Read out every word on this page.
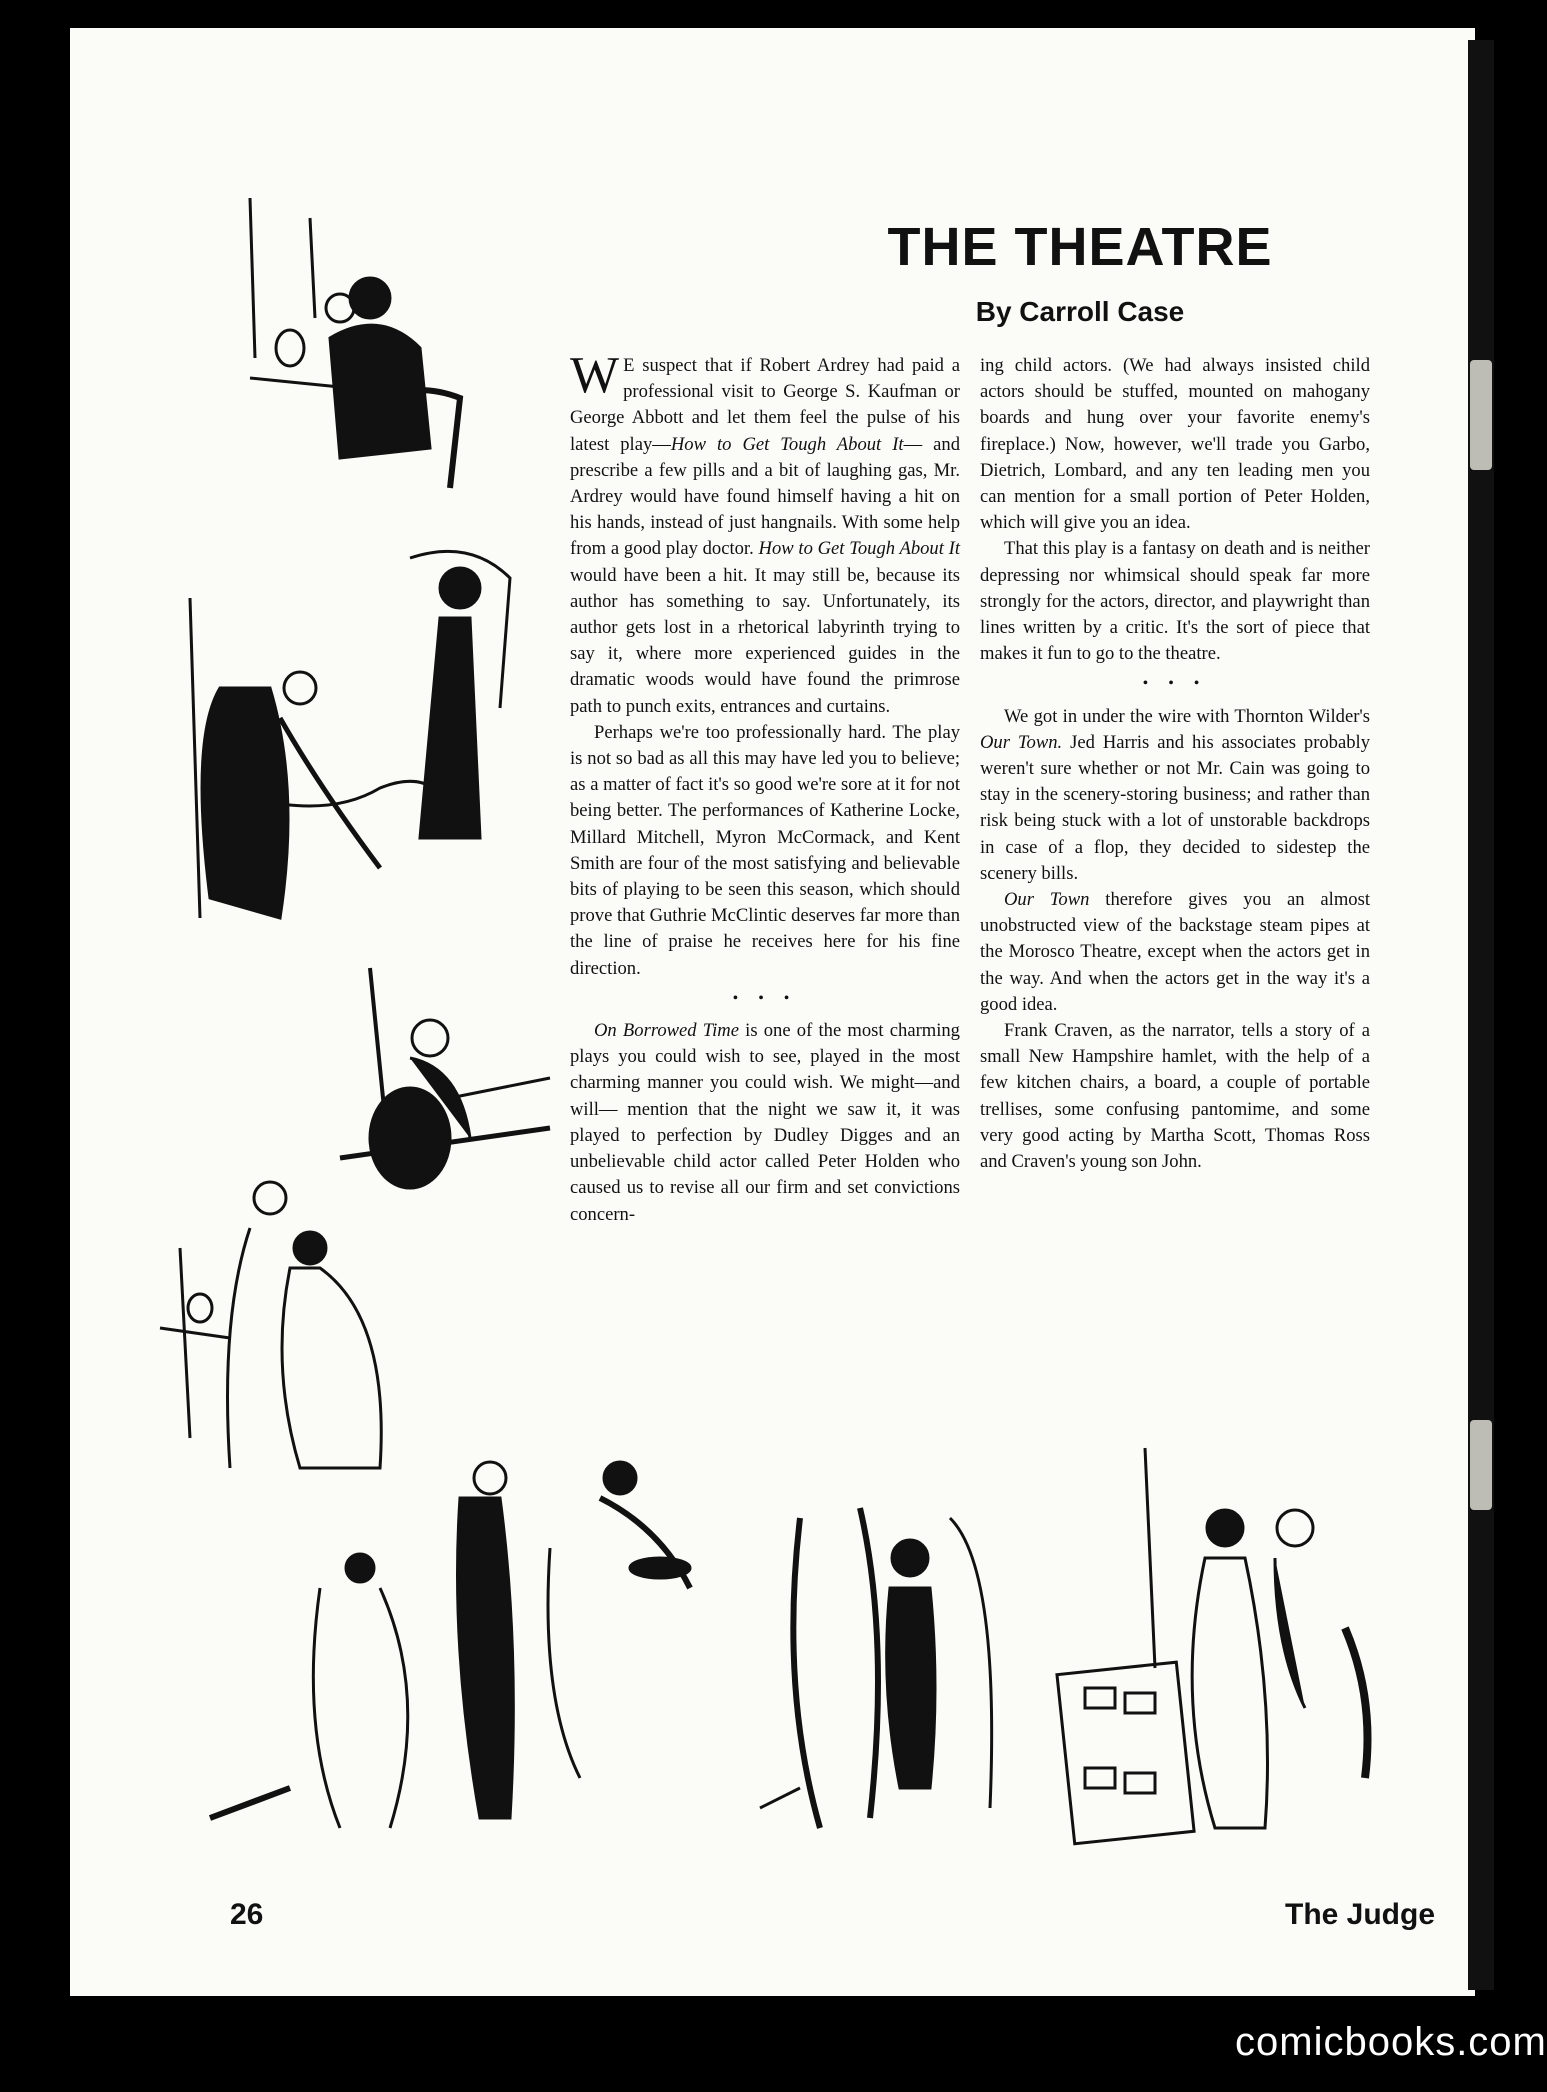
THE THEATRE
By Carroll Case

W E suspect that if Robert Ardrey had paid a professional visit to George S. Kaufman or George Abbott and let them feel the pulse of his latest play—How to Get Tough About It— and prescribe a few pills and a bit of laughing gas, Mr. Ardrey would have found himself having a hit on his hands, instead of just hangnails. With some help from a good play doctor. How to Get Tough About It would have been a hit. It may still be, because its author has something to say. Unfortunately, its author gets lost in a rhetorical labyrinth trying to say it, where more experienced guides in the dramatic woods would have found the primrose path to punch exits, entrances and curtains.

Perhaps we're too professionally hard. The play is not so bad as all this may have led you to believe; as a matter of fact it's so good we're sore at it for not being better. The performances of Katherine Locke, Millard Mitchell, Myron McCormack, and Kent Smith are four of the most satisfying and believable bits of playing to be seen this season, which should prove that Guthrie McClintic deserves far more than the line of praise he receives here for his fine direction.

• • •

On Borrowed Time is one of the most charming plays you could wish to see, played in the most charming manner you could wish. We might—and will— mention that the night we saw it, it was played to perfection by Dudley Digges and an unbelievable child actor called Peter Holden who caused us to revise all our firm and set convictions concern-

ing child actors. (We had always insisted child actors should be stuffed, mounted on mahogany boards and hung over your favorite enemy's fireplace.) Now, however, we'll trade you Garbo, Dietrich, Lombard, and any ten leading men you can mention for a small portion of Peter Holden, which will give you an idea.

That this play is a fantasy on death and is neither depressing nor whimsical should speak far more strongly for the actors, director, and playwright than lines written by a critic. It's the sort of piece that makes it fun to go to the theatre.

• • •

We got in under the wire with Thornton Wilder's Our Town. Jed Harris and his associates probably weren't sure whether or not Mr. Cain was going to stay in the scenery-storing business; and rather than risk being stuck with a lot of unstorable backdrops in case of a flop, they decided to sidestep the scenery bills.

Our Town therefore gives you an almost unobstructed view of the backstage steam pipes at the Morosco Theatre, except when the actors get in the way. And when the actors get in the way it's a good idea.

Frank Craven, as the narrator, tells a story of a small New Hampshire hamlet, with the help of a few kitchen chairs, a board, a couple of portable trellises, some confusing pantomime, and some very good acting by Martha Scott, Thomas Ross and Craven's young son John.

26	The Judge
comicbooks.com
